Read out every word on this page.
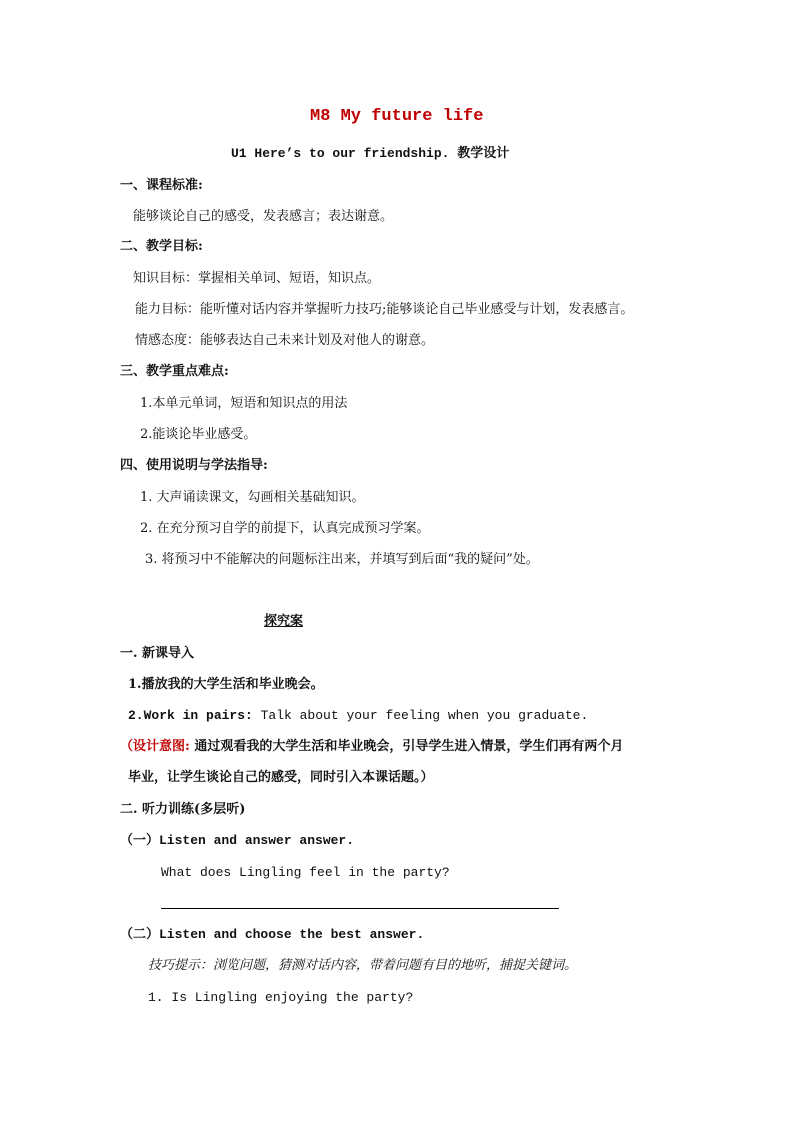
M8 My future life
U1 Here’s to our friendship. 教学设计
一、课程标准:
能够谈论自己的感受，发表感言；表达谢意。
二、教学目标:
知识目标：掌握相关单词、短语，知识点。
能力目标：能听懂对话内容并掌握听力技巧;能够谈论自己毕业感受与计划，发表感言。
情感态度：能够表达自己未来计划及对他人的谢意。
三、教学重点难点:
1.本单元单词，短语和知识点的用法
2.能谈论毕业感受。
四、使用说明与学法指导:
1. 大声诵读课文，勾画相关基础知识。
2. 在充分预习自学的前提下，认真完成预习学案。
3. 将预习中不能解决的问题标注出来，并填写到后面“我的疑问”处。
探究案
一. 新课导入
1.播放我的大学生活和毕业晚会。
2.Work in pairs: Talk about your feeling when you graduate.
（设计意图: 通过观看我的大学生活和毕业晚会，引导学生进入情景，学生们再有两个月
毕业，让学生谈论自己的感受，同时引入本课话题。）
二. 听力训练(多层听)
（一）Listen and answer answer.
What does Lingling feel in the party?
（二）Listen and choose the best answer.
技巧提示：浏览问题，猜测对话内容，带着问题有目的地听，捕捉关键词。
1. Is Lingling enjoying the party?
